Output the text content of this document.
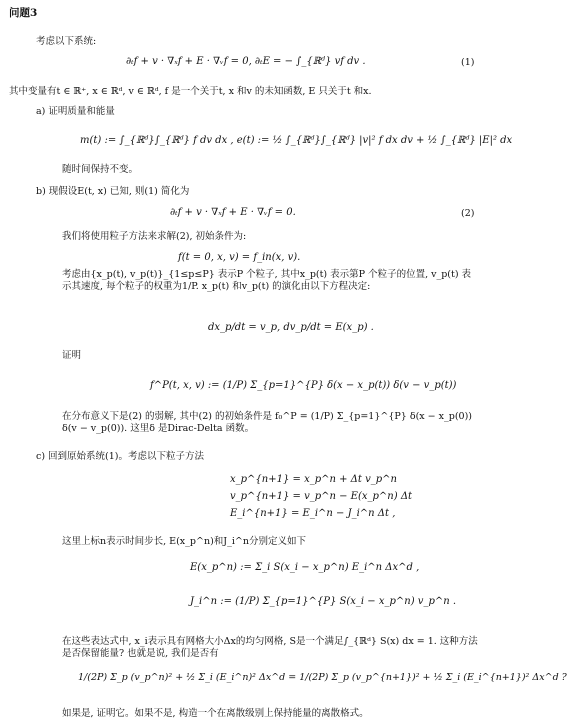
问题3
考虑以下系统:
∂ₜf + v · ∇ₓf + E · ∇ᵥf = 0, ∂ₜE = − ∫_{ℝᵈ} vf dv .	(1)
其中变量有t ∈ ℝ⁺, x ∈ ℝᵈ, v ∈ ℝᵈ, f 是一个关于t, x 和v 的未知函数, E 只关于t 和x.
a) 证明质量和能量
m(t) := ∫_{ℝᵈ}∫_{ℝᵈ} f dv dx , e(t) := ½ ∫_{ℝᵈ}∫_{ℝᵈ} |v|² f dx dv + ½ ∫_{ℝᵈ} |E|² dx
随时间保持不变。
b) 现假设E(t, x) 已知, 则(1) 简化为
∂ₜf + v · ∇ₓf + E · ∇ᵥf = 0.	(2)
我们将使用粒子方法来求解(2), 初始条件为:
f(t = 0, x, v) = f_in(x, v).
考虑由{x_p(t), v_p(t)}_{1≤p≤P} 表示P 个粒子, 其中x_p(t) 表示第P 个粒子的位置, v_p(t) 表示其速度, 每个粒子的权重为1/P. x_p(t) 和v_p(t) 的演化由以下方程决定:
dx_p/dt = v_p, dv_p/dt = E(x_p) .
证明
f^P(t, x, v) := (1/P) Σ_{p=1}^{P} δ(x − x_p(t)) δ(v − v_p(t))
在分布意义下是(2) 的弱解, 其中(2) 的初始条件是 f₀^P = (1/P) Σ_{p=1}^{P} δ(x − x_p(0)) δ(v − v_p(0)). 这里δ 是Dirac-Delta 函数。
c) 回到原始系统(1)。考虑以下粒子方法
x_p^{n+1} = x_p^n + Δt v_p^n
v_p^{n+1} = v_p^n − E(x_p^n) Δt
E_i^{n+1} = E_i^n − J_i^n Δt ,
这里上标n表示时间步长, E(x_p^n)和J_i^n分别定义如下
E(x_p^n) := Σ_i S(x_i − x_p^n) E_i^n Δx^d ,
J_i^n := (1/P) Σ_{p=1}^{P} S(x_i − x_p^n) v_p^n .
在这些表达式中, x_i表示具有网格大小Δx的均匀网格, S是一个满足∫_{ℝᵈ} S(x) dx = 1. 这种方法是否保留能量? 也就是说, 我们是否有
1/(2P) Σ_p (v_p^n)² + ½ Σ_i (E_i^n)² Δx^d = 1/(2P) Σ_p (v_p^{n+1})² + ½ Σ_i (E_i^{n+1})² Δx^d ?
如果是, 证明它。如果不是, 构造一个在离散级别上保持能量的离散格式。
